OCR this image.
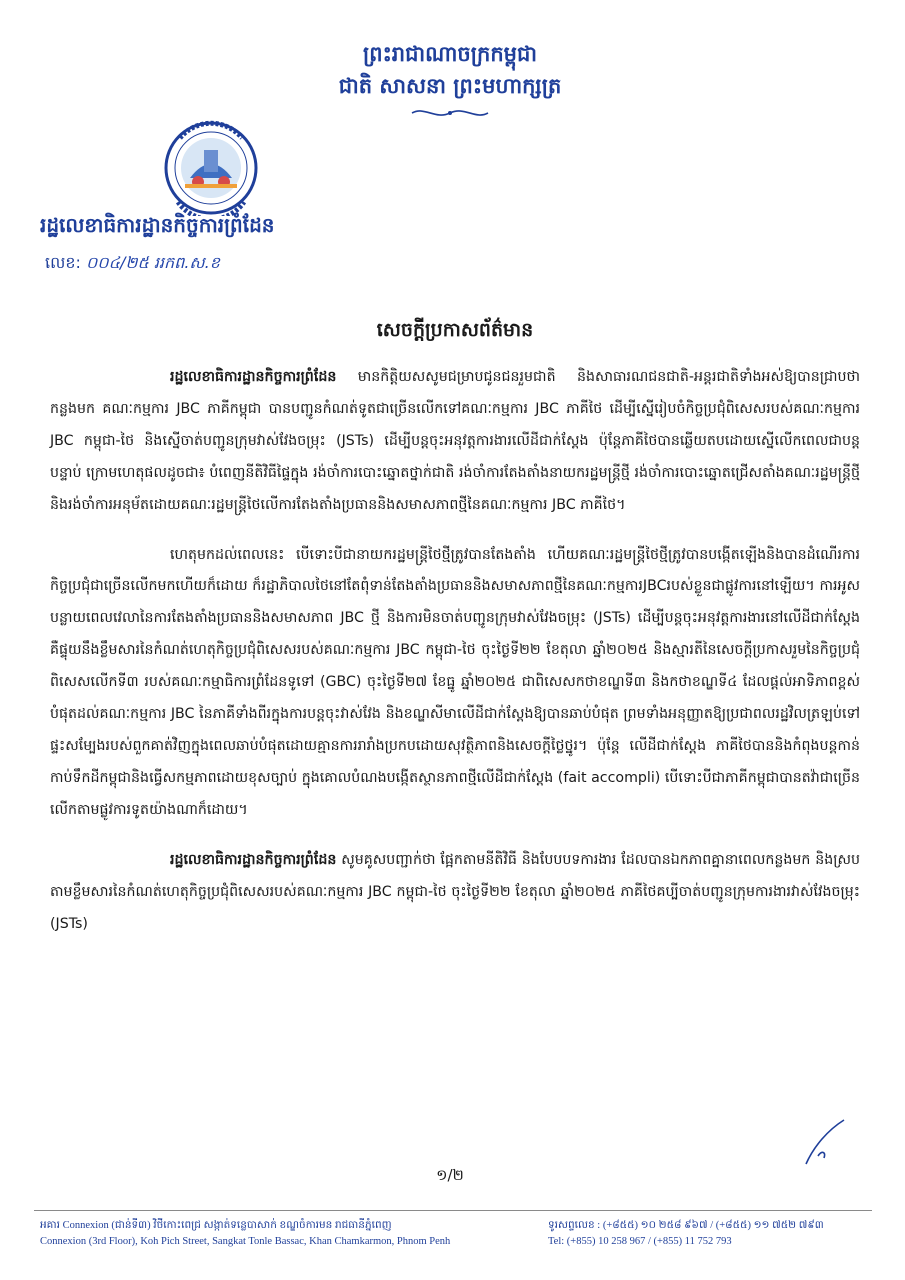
ព្រះរាជាណាចក្រកម្ពុជា
ជាតិ សាសនា ព្រះមហាក្សត្រ
រដ្ឋលេខាធិការដ្ឋានកិច្ចការព្រំដែន
លេខ: ០០៤/២៥ ររកព.ស.ខ
សេចក្តីប្រកាសព័ត៌មាន

រដ្ឋលេខាធិការដ្ឋានកិច្ចការព្រំដែន មានកិត្តិយសសូមជម្រាបជូនជនរួមជាតិ និងសាធារណជនជាតិ-អន្តរជាតិទាំងអស់ឱ្យបានជ្រាបថា កន្លងមក គណៈកម្មការ JBC ភាគីកម្ពុជា បានបញ្ជូនកំណត់ទូតជាច្រើនលើកទៅគណៈកម្មការ JBC ភាគីថៃ ដើម្បីស្នើរៀបចំកិច្ចប្រជុំពិសេសរបស់គណៈកម្មការ JBC កម្ពុជា-ថៃ និងស្នើចាត់បញ្ជូនក្រុមវាស់វែងចម្រុះ (JSTs) ដើម្បីបន្តចុះអនុវត្តការងារលើដីជាក់ស្តែង ប៉ុន្តែភាគីថៃបានឆ្លើយតបដោយស្នើលើកពេលជាបន្តបន្ទាប់ ក្រោមហេតុផលដូចជា៖ បំពេញនីតិវិធីផ្ទៃក្នុង រង់ចាំការបោះឆ្នោតថ្នាក់ជាតិ រង់ចាំការតែងតាំងនាយករដ្ឋមន្ត្រីថ្មី រង់ចាំការបោះឆ្នោតជ្រើសតាំងគណៈរដ្ឋមន្ត្រីថ្មី និងរង់ចាំការអនុម័តដោយគណៈរដ្ឋមន្ត្រីថៃលើការតែងតាំងប្រធាននិងសមាសភាពថ្មីនៃគណៈកម្មការ JBC ភាគីថៃ។

ហេតុមកដល់ពេលនេះ បើទោះបីជានាយករដ្ឋមន្ត្រីថៃថ្មីត្រូវបានតែងតាំង ហើយគណៈរដ្ឋមន្ត្រីថៃថ្មីត្រូវបានបង្កើតឡើងនិងបានដំណើរការកិច្ចប្រជុំជាច្រើនលើកមកហើយក៏ដោយ ក៏រដ្ឋាភិបាលថៃនៅតែពុំទាន់តែងតាំងប្រធាននិងសមាសភាពថ្មីនៃគណៈកម្មការJBCរបស់ខ្លួនជាផ្លូវការនៅឡើយ។ ការអូសបន្លាយពេលវេលានៃការតែងតាំងប្រធាននិងសមាសភាព JBC ថ្មី និងការមិនចាត់បញ្ជូនក្រុមវាស់វែងចម្រុះ (JSTs) ដើម្បីបន្តចុះអនុវត្តការងារនៅលើដីជាក់ស្តែង គឺផ្ទុយនឹងខ្លឹមសារនៃកំណត់ហេតុកិច្ចប្រជុំពិសេសរបស់គណៈកម្មការ JBC កម្ពុជា-ថៃ ចុះថ្ងៃទី២២ ខែតុលា ឆ្នាំ២០២៥ និងស្មារតីនៃសេចក្តីប្រកាសរួមនៃកិច្ចប្រជុំពិសេសលើកទី៣ របស់គណៈកម្មាធិការព្រំដែនទូទៅ (GBC) ចុះថ្ងៃទី២៧ ខែធ្នូ ឆ្នាំ២០២៥ ជាពិសេសកថាខណ្ឌទី៣ និងកថាខណ្ឌទី៤ ដែលផ្តល់អាទិភាពខ្ពស់បំផុតដល់គណៈកម្មការ JBC នៃភាគីទាំងពីរក្នុងការបន្តចុះវាស់វែង និងខណ្ឌសីមាលើដីជាក់ស្តែងឱ្យបានឆាប់បំផុត ព្រមទាំងអនុញ្ញាតឱ្យប្រជាពលរដ្ឋវិលត្រឡប់ទៅផ្ទះសម្បែងរបស់ពួកគាត់វិញក្នុងពេលឆាប់បំផុតដោយគ្មានការរារាំងប្រកបដោយសុវត្ថិភាពនិងសេចក្តីថ្លៃថ្នូរ។ ប៉ុន្តែ លើដីជាក់ស្តែង ភាគីថៃបាននិងកំពុងបន្តកាន់កាប់ទឹកដីកម្ពុជានិងធ្វើសកម្មភាពដោយខុសច្បាប់ ក្នុងគោលបំណងបង្កើតស្ថានភាពថ្មីលើដីជាក់ស្តែង (fait accompli) បើទោះបីជាភាគីកម្ពុជាបានតវ៉ាជាច្រើនលើកតាមផ្លូវការទូតយ៉ាងណាក៏ដោយ។

រដ្ឋលេខាធិការដ្ឋានកិច្ចការព្រំដែន សូមគូសបញ្ជាក់ថា ផ្អែកតាមនីតិវិធី និងបែបបទការងារ ដែលបានឯកភាពគ្នានាពេលកន្លងមក និងស្របតាមខ្លឹមសារនៃកំណត់ហេតុកិច្ចប្រជុំពិសេសរបស់គណៈកម្មការ JBC កម្ពុជា-ថៃ ចុះថ្ងៃទី២២ ខែតុលា ឆ្នាំ២០២៥ ភាគីថៃគប្បីចាត់បញ្ជូនក្រុមការងារវាស់វែងចម្រុះ (JSTs)

១/២
អគារ Connexion (ជាន់ទី៣) វិថីកោះពេជ្រ សង្កាត់ទន្លេបាសាក់ ខណ្ឌចំការមន រាជធានីភ្នំពេញ
Connexion (3rd Floor), Koh Pich Street, Sangkat Tonle Bassac, Khan Chamkarmon, Phnom Penh
ទូរសព្ទលេខ : (+៨៥៥) ១០ ២៥៨ ៩៦៧ / (+៨៥៥) ១១ ៧៥២ ៧៩៣
Tel: (+855) 10 258 967 / (+855) 11 752 793
